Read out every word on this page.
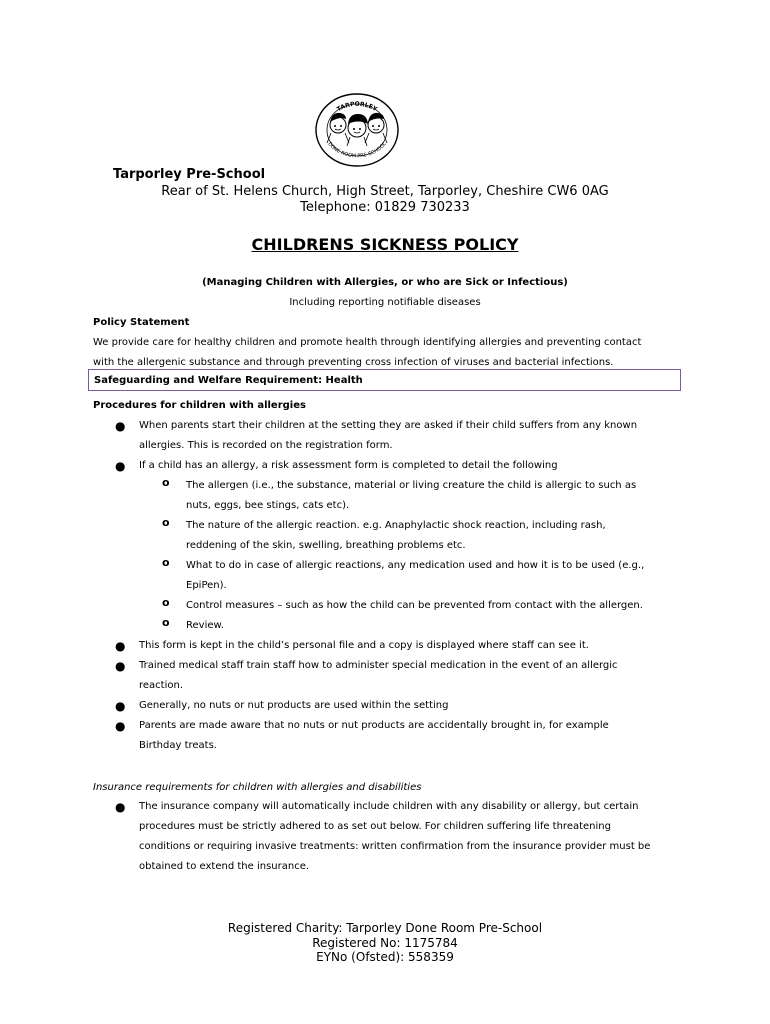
TARPORLEY
DONE ROOM PRE-SCHOOL
Tarporley Pre-School
Rear of St. Helens Church, High Street, Tarporley, Cheshire CW6 0AG
Telephone: 01829 730233
CHILDRENS SICKNESS POLICY
(Managing Children with Allergies, or who are Sick or Infectious)
Including reporting notifiable diseases
Policy Statement
We provide care for healthy children and promote health through identifying allergies and preventing contact
with the allergenic substance and through preventing cross infection of viruses and bacterial infections.
Safeguarding and Welfare Requirement: Health
Procedures for children with allergies
● When parents start their children at the setting they are asked if their child suffers from any known
allergies. This is recorded on the registration form.
● If a child has an allergy, a risk assessment form is completed to detail the following
o The allergen (i.e., the substance, material or living creature the child is allergic to such as
nuts, eggs, bee stings, cats etc).
o The nature of the allergic reaction. e.g. Anaphylactic shock reaction, including rash,
reddening of the skin, swelling, breathing problems etc.
o What to do in case of allergic reactions, any medication used and how it is to be used (e.g.,
EpiPen).
o Control measures – such as how the child can be prevented from contact with the allergen.
o Review.
● This form is kept in the child’s personal file and a copy is displayed where staff can see it.
● Trained medical staff train staff how to administer special medication in the event of an allergic
reaction.
● Generally, no nuts or nut products are used within the setting
● Parents are made aware that no nuts or nut products are accidentally brought in, for example
Birthday treats.
Insurance requirements for children with allergies and disabilities
● The insurance company will automatically include children with any disability or allergy, but certain
procedures must be strictly adhered to as set out below. For children suffering life threatening
conditions or requiring invasive treatments: written confirmation from the insurance provider must be
obtained to extend the insurance.
Registered Charity: Tarporley Done Room Pre-School
Registered No: 1175784
EYNo (Ofsted): 558359
